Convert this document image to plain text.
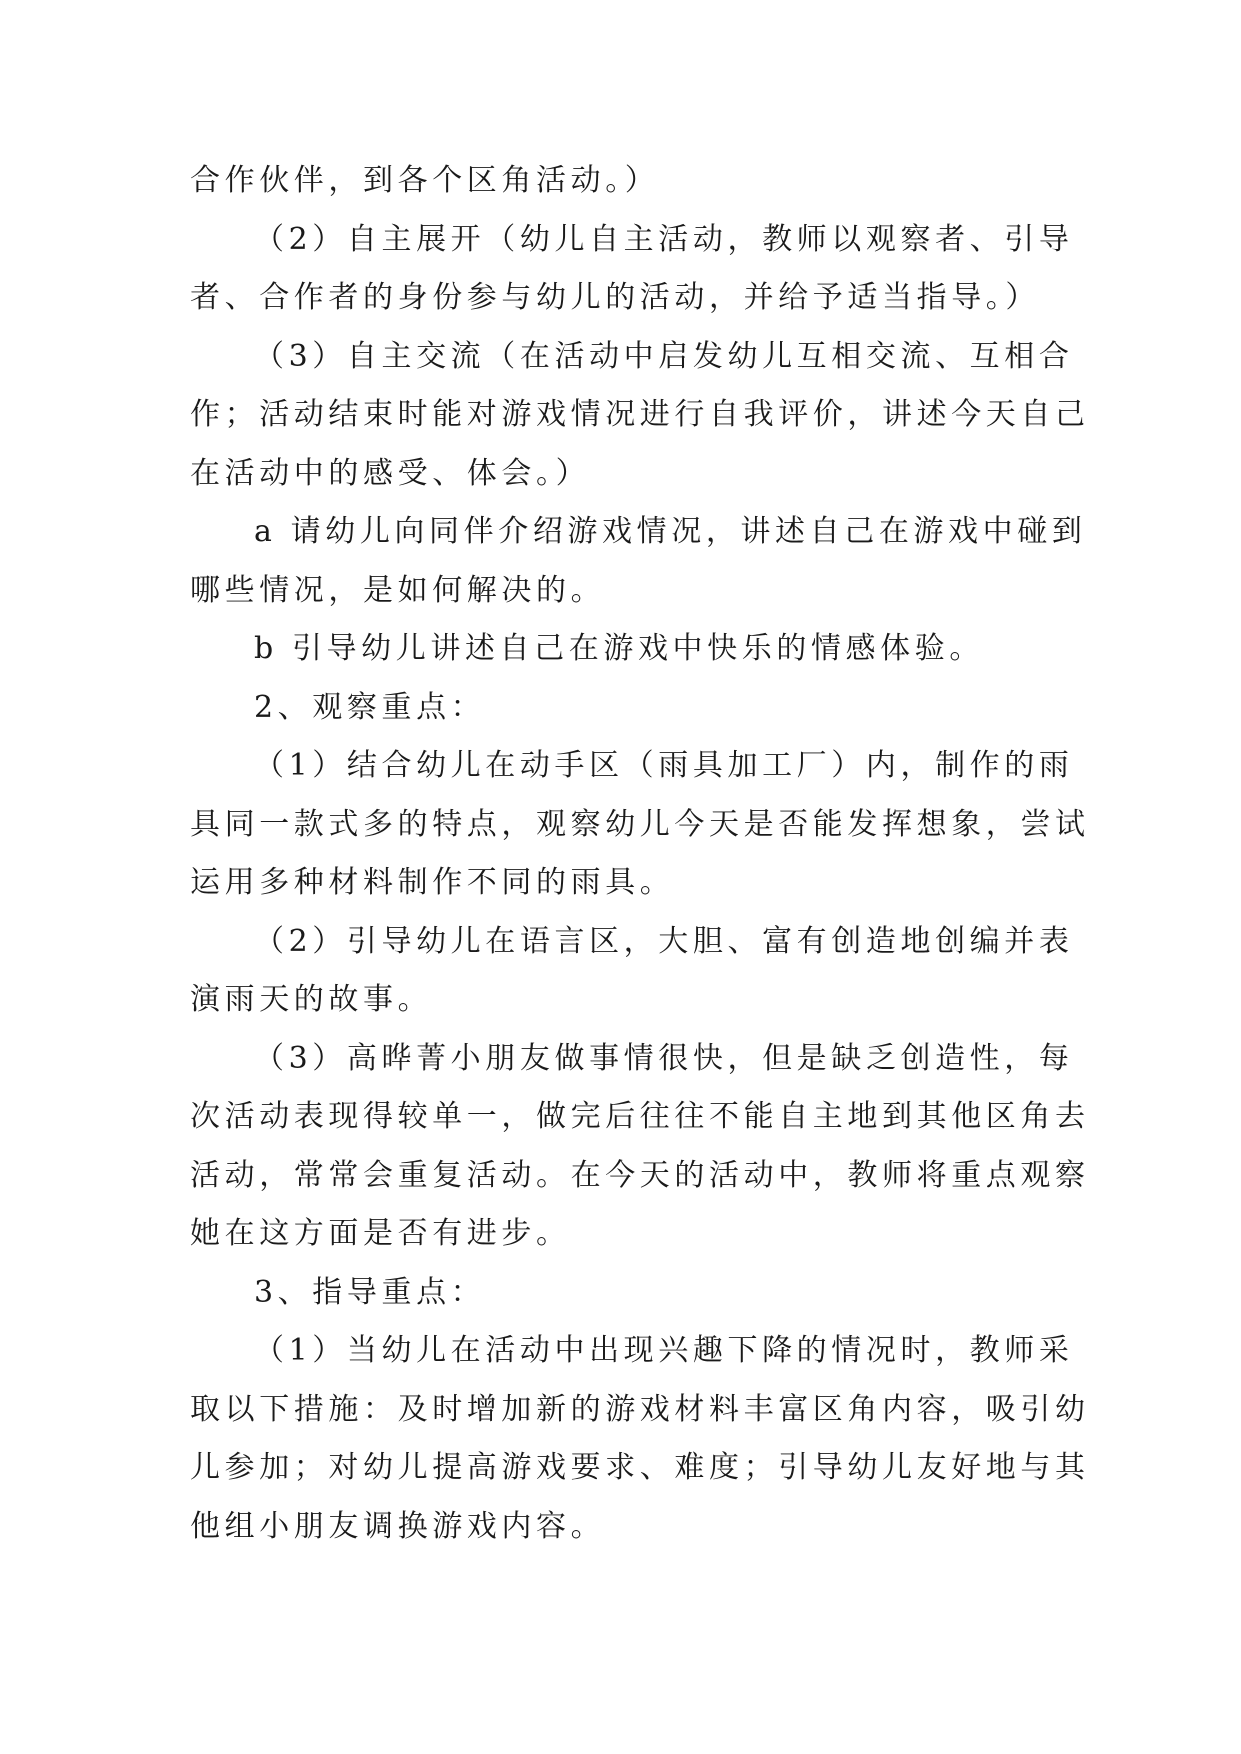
合作伙伴，到各个区角活动。）

（2）自主展开（幼儿自主活动，教师以观察者、引导
者、合作者的身份参与幼儿的活动，并给予适当指导。）

（3）自主交流（在活动中启发幼儿互相交流、互相合
作；活动结束时能对游戏情况进行自我评价，讲述今天自己
在活动中的感受、体会。）

a 请幼儿向同伴介绍游戏情况，讲述自己在游戏中碰到
哪些情况，是如何解决的。

b 引导幼儿讲述自己在游戏中快乐的情感体验。

2、观察重点：

（1）结合幼儿在动手区（雨具加工厂）内，制作的雨
具同一款式多的特点，观察幼儿今天是否能发挥想象，尝试
运用多种材料制作不同的雨具。

（2）引导幼儿在语言区，大胆、富有创造地创编并表
演雨天的故事。

（3）高晔菁小朋友做事情很快，但是缺乏创造性，每
次活动表现得较单一，做完后往往不能自主地到其他区角去
活动，常常会重复活动。在今天的活动中，教师将重点观察
她在这方面是否有进步。

3、指导重点：

（1）当幼儿在活动中出现兴趣下降的情况时，教师采
取以下措施：及时增加新的游戏材料丰富区角内容，吸引幼
儿参加；对幼儿提高游戏要求、难度；引导幼儿友好地与其
他组小朋友调换游戏内容。
